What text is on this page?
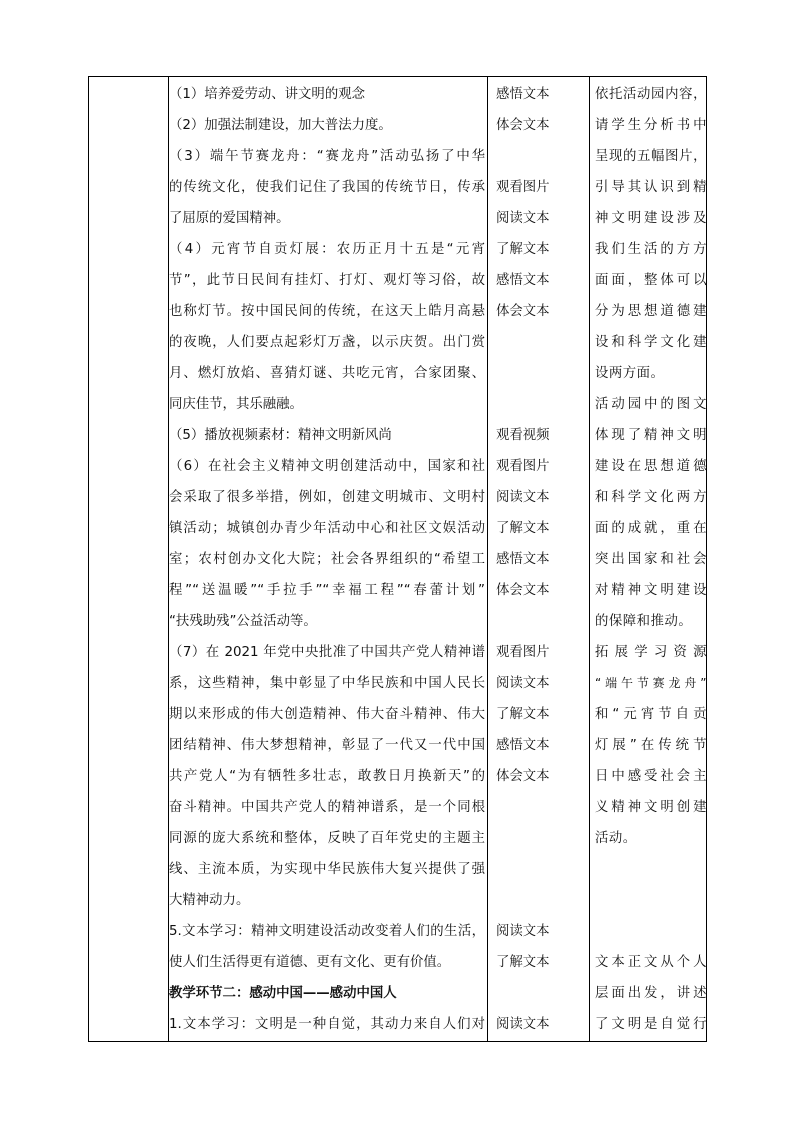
（1）培养爱劳动、讲文明的观念
（2）加强法制建设，加大普法力度。
（3）端午节赛龙舟：“赛龙舟”活动弘扬了中华
的传统文化，使我们记住了我国的传统节日，传承
了屈原的爱国精神。
（4）元宵节自贡灯展：农历正月十五是“元宵
节”，此节日民间有挂灯、打灯、观灯等习俗，故
也称灯节。按中国民间的传统，在这天上皓月高悬
的夜晚，人们要点起彩灯万盏，以示庆贺。出门赏
月、燃灯放焰、喜猜灯谜、共吃元宵，合家团聚、
同庆佳节，其乐融融。
（5）播放视频素材：精神文明新风尚
（6）在社会主义精神文明创建活动中，国家和社
会采取了很多举措，例如，创建文明城市、文明村
镇活动；城镇创办青少年活动中心和社区文娱活动
室；农村创办文化大院；社会各界组织的“希望工
程”“送温暖”“手拉手”“幸福工程”“春蕾计划”
“扶残助残”公益活动等。
（7）在 2021 年党中央批准了中国共产党人精神谱
系，这些精神，集中彰显了中华民族和中国人民长
期以来形成的伟大创造精神、伟大奋斗精神、伟大
团结精神、伟大梦想精神，彰显了一代又一代中国
共产党人“为有牺牲多壮志，敢教日月换新天”的
奋斗精神。中国共产党人的精神谱系，是一个同根
同源的庞大系统和整体，反映了百年党史的主题主
线、主流本质，为实现中华民族伟大复兴提供了强
大精神动力。
5.文本学习：精神文明建设活动改变着人们的生活，
使人们生活得更有道德、更有文化、更有价值。
教学环节二：感动中国——感动中国人
1.文本学习：文明是一种自觉，其动力来自人们对
感悟文本
体会文本
观看图片
阅读文本
了解文本
感悟文本
体会文本
观看视频
观看图片
阅读文本
了解文本
感悟文本
体会文本
观看图片
阅读文本
了解文本
感悟文本
体会文本
阅读文本
了解文本
阅读文本
依托活动园内容，
请学生分析书中
呈现的五幅图片，
引导其认识到精
神文明建设涉及
我们生活的方方
面面，整体可以
分为思想道德建
设和科学文化建
设两方面。
活动园中的图文
体现了精神文明
建设在思想道德
和科学文化两方
面的成就，重在
突出国家和社会
对精神文明建设
的保障和推动。
拓展学习资源
“端午节赛龙舟”
和“元宵节自贡
灯展”在传统节
日中感受社会主
义精神文明创建
活动。
文本正文从个人
层面出发，讲述
了文明是自觉行
